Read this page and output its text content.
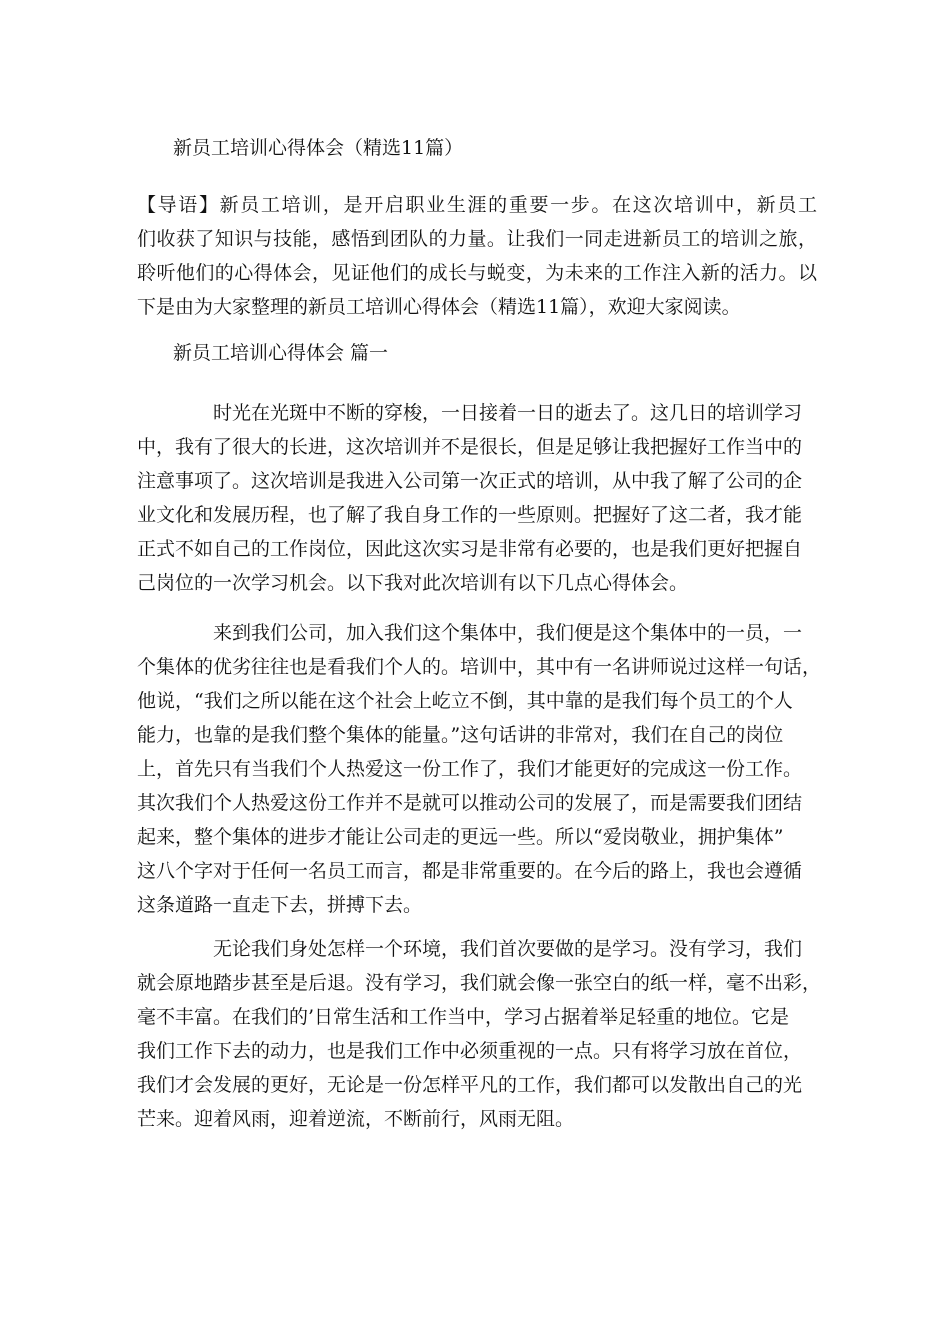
新员工培训心得体会（精选11篇）
【导语】新员工培训，是开启职业生涯的重要一步。在这次培训中，新员工
们收获了知识与技能，感悟到团队的力量。让我们一同走进新员工的培训之旅，
聆听他们的心得体会，见证他们的成长与蜕变，为未来的工作注入新的活力。以
下是由为大家整理的新员工培训心得体会（精选11篇），欢迎大家阅读。
新员工培训心得体会 篇一
时光在光斑中不断的穿梭，一日接着一日的逝去了。这几日的培训学习
中，我有了很大的长进，这次培训并不是很长，但是足够让我把握好工作当中的
注意事项了。这次培训是我进入公司第一次正式的培训，从中我了解了公司的企
业文化和发展历程，也了解了我自身工作的一些原则。把握好了这二者，我才能
正式不如自己的工作岗位，因此这次实习是非常有必要的，也是我们更好把握自
己岗位的一次学习机会。以下我对此次培训有以下几点心得体会。
来到我们公司，加入我们这个集体中，我们便是这个集体中的一员，一
个集体的优劣往往也是看我们个人的。培训中，其中有一名讲师说过这样一句话，
他说，“我们之所以能在这个社会上屹立不倒，其中靠的是我们每个员工的个人
能力，也靠的是我们整个集体的能量。”这句话讲的非常对，我们在自己的岗位
上，首先只有当我们个人热爱这一份工作了，我们才能更好的完成这一份工作。
其次我们个人热爱这份工作并不是就可以推动公司的发展了，而是需要我们团结
起来，整个集体的进步才能让公司走的更远一些。所以“爱岗敬业，拥护集体”
这八个字对于任何一名员工而言，都是非常重要的。在今后的路上，我也会遵循
这条道路一直走下去，拼搏下去。
无论我们身处怎样一个环境，我们首次要做的是学习。没有学习，我们
就会原地踏步甚至是后退。没有学习，我们就会像一张空白的纸一样，毫不出彩，
毫不丰富。在我们的’日常生活和工作当中，学习占据着举足轻重的地位。它是
我们工作下去的动力，也是我们工作中必须重视的一点。只有将学习放在首位，
我们才会发展的更好，无论是一份怎样平凡的工作，我们都可以发散出自己的光
芒来。迎着风雨，迎着逆流，不断前行，风雨无阻。
